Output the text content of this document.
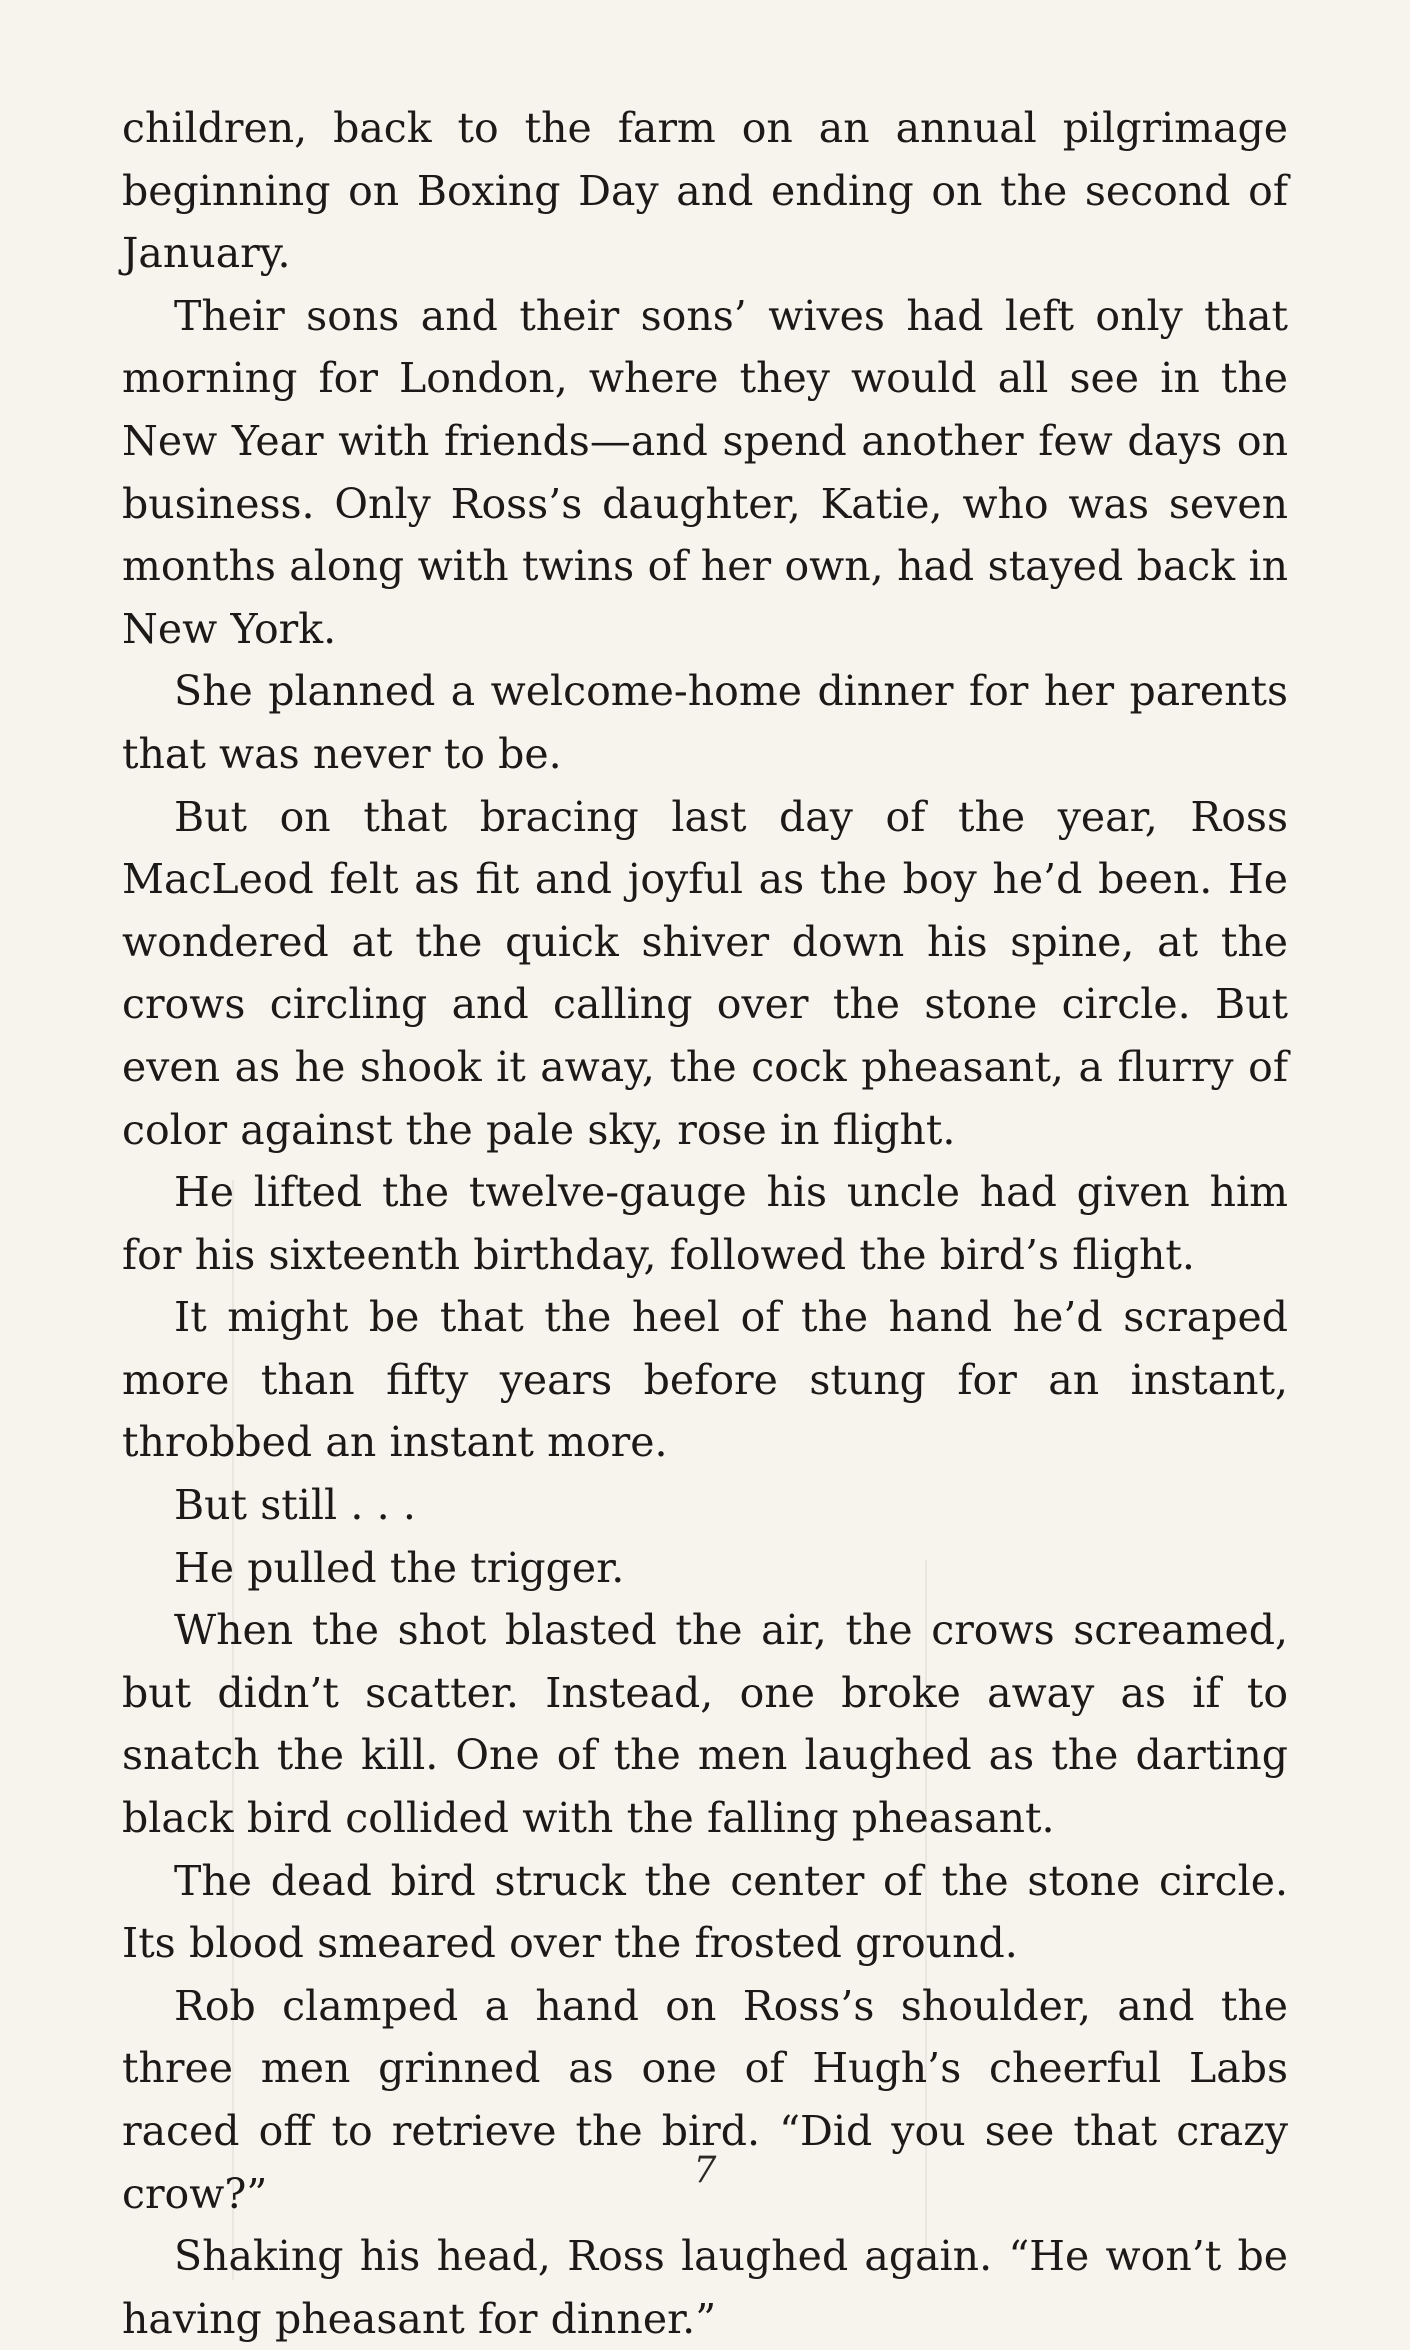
children, back to the farm on an annual pilgrimage beginning on Boxing Day and ending on the second of January.

Their sons and their sons’ wives had left only that morning for London, where they would all see in the New Year with friends—and spend another few days on business. Only Ross’s daughter, Katie, who was seven months along with twins of her own, had stayed back in New York.

She planned a welcome-home dinner for her parents that was never to be.

But on that bracing last day of the year, Ross MacLeod felt as fit and joyful as the boy he’d been. He wondered at the quick shiver down his spine, at the crows circling and calling over the stone circle. But even as he shook it away, the cock pheasant, a flurry of color against the pale sky, rose in flight.

He lifted the twelve-gauge his uncle had given him for his sixteenth birthday, followed the bird’s flight.

It might be that the heel of the hand he’d scraped more than fifty years before stung for an instant, throbbed an instant more.

But still . . .

He pulled the trigger.

When the shot blasted the air, the crows screamed, but didn’t scatter. Instead, one broke away as if to snatch the kill. One of the men laughed as the darting black bird collided with the falling pheasant.

The dead bird struck the center of the stone circle. Its blood smeared over the frosted ground.

Rob clamped a hand on Ross’s shoulder, and the three men grinned as one of Hugh’s cheerful Labs raced off to retrieve the bird. “Did you see that crazy crow?”

Shaking his head, Ross laughed again. “He won’t be having pheasant for dinner.”

7
